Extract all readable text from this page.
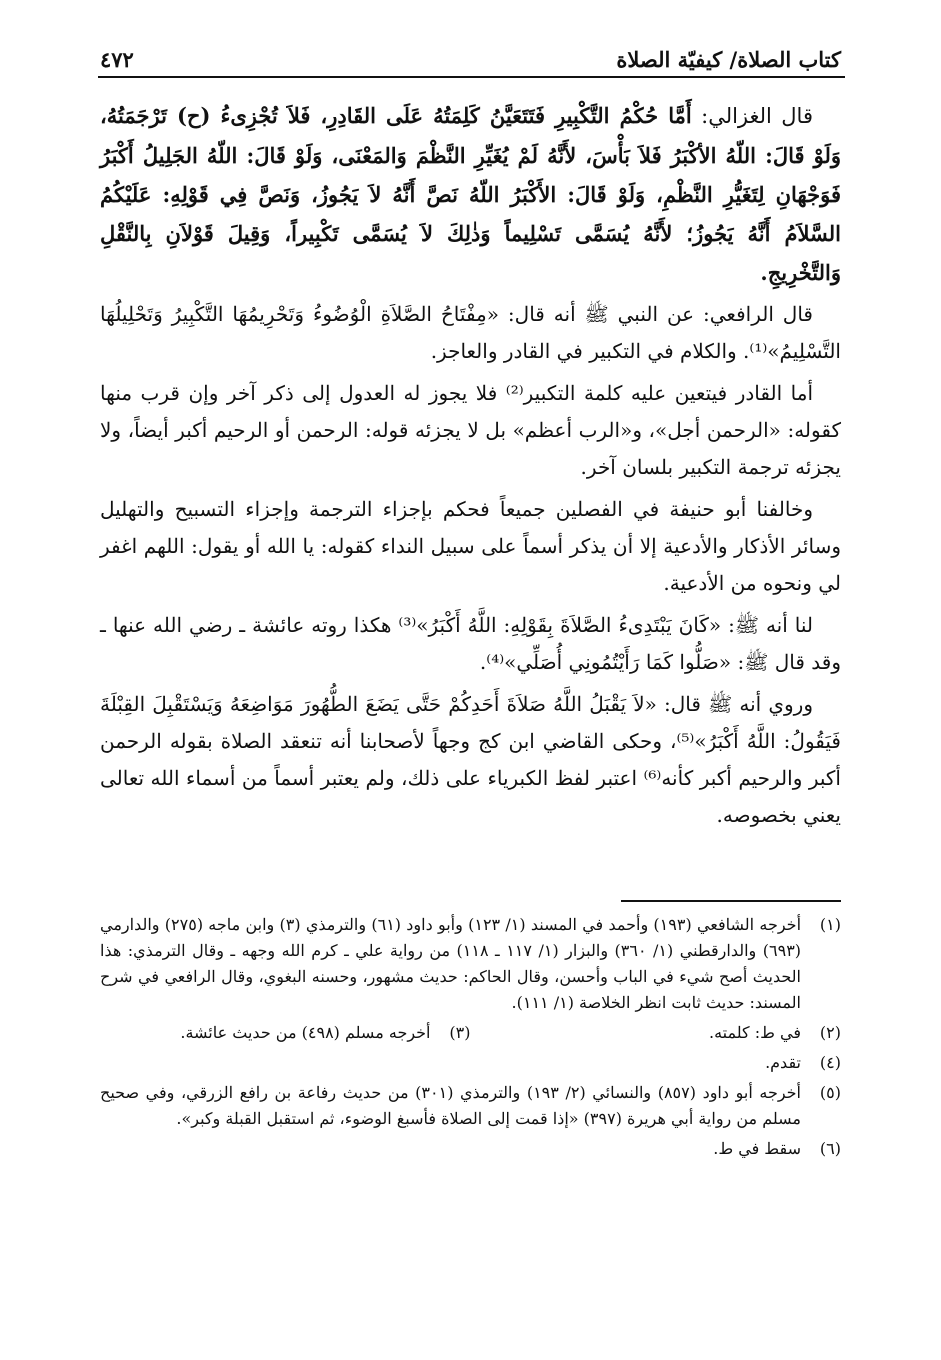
كتاب الصلاة/ كيفيّة الصلاة
٤٧٢

قال الغزالي: أَمَّا حُكْمُ التَّكْبِيرِ فَتَتَعَيَّنُ كَلِمَتُهُ عَلَى القَادِرِ، فَلاَ تُجْزِىءُ (ح) تَرْجَمَتُهُ، وَلَوْ قَالَ: اللّهُ الأكْبَرُ فَلاَ بَأْسَ، لأَنَّهُ لَمْ يُغَيِّرِ النَّظْمَ وَالمَعْنَى، وَلَوْ قَالَ: اللّهُ الجَلِيلُ أَكْبَرُ فَوَجْهَانِ لِتَغَيُّرِ النَّظْمِ، وَلَوْ قَالَ: الأَكْبَرُ اللّهُ نَصَّ أَنَّهُ لاَ يَجُوزُ، وَنَصَّ فِي قَوْلِهِ: عَلَيْكُمُ السَّلاَمُ أَنَّهُ يَجُوزُ؛ لأَنَّهُ يُسَمَّى تَسْلِيماً وَذٰلِكَ لاَ يُسَمَّى تَكْبِيراً، وَقِيلَ قَوْلاَنِ بِالنَّقْلِ وَالتَّخْرِيجِ.

قال الرافعي: عن النبي ﷺ أنه قال: «مِفْتَاحُ الصَّلاَةِ الْوُضُوءُ وَتَحْرِيمُهَا التَّكْبِيرُ وَتَحْلِيلُهَا التَّسْلِيمُ»⁽¹⁾. والكلام في التكبير في القادر والعاجز.

أما القادر فيتعين عليه كلمة التكبير⁽²⁾ فلا يجوز له العدول إلى ذكر آخر وإن قرب منها كقوله: «الرحمن أجل»، و«الرب أعظم» بل لا يجزئه قوله: الرحمن أو الرحيم أكبر أيضاً، ولا يجزئه ترجمة التكبير بلسان آخر.

وخالفنا أبو حنيفة في الفصلين جميعاً فحكم بإجزاء الترجمة وإجزاء التسبيح والتهليل وسائر الأذكار والأدعية إلا أن يذكر أسماً على سبيل النداء كقوله: يا الله أو يقول: اللهم اغفر لي ونحوه من الأدعية.

لنا أنه ﷺ: «كَانَ يَبْتَدِىءُ الصَّلاَةَ بِقَوْلِهِ: اللَّهُ أَكْبَرُ»⁽³⁾ هكذا روته عائشة ـ رضي الله عنها ـ وقد قال ﷺ: «صَلُّوا كَمَا رَأَيْتُمُونِي أُصَلِّي»⁽⁴⁾.

وروي أنه ﷺ قال: «لاَ يَقْبَلُ اللَّهُ صَلاَةَ أَحَدِكُمْ حَتَّى يَضَعَ الطُّهُورَ مَوَاضِعَهُ وَيَسْتَقْبِلَ القِبْلَةَ فَيَقُولُ: اللَّهُ أَكْبَرُ»⁽⁵⁾، وحكى القاضي ابن كج وجهاً لأصحابنا أنه تنعقد الصلاة بقوله الرحمن أكبر والرحيم أكبر كأنه⁽⁶⁾ اعتبر لفظ الكبرياء على ذلك، ولم يعتبر أسماً من أسماء الله تعالى يعني بخصوصه.

(١)
أخرجه الشافعي (١٩٣) وأحمد في المسند (١/ ١٢٣) وأبو داود (٦١) والترمذي (٣) وابن ماجه (٢٧٥) والدارمي (٦٩٣) والدارقطني (١/ ٣٦٠) والبزار (١/ ١١٧ ـ ١١٨) من رواية علي ـ كرم الله وجهه ـ وقال الترمذي: هذا الحديث أصح شيء في الباب وأحسن، وقال الحاكم: حديث مشهور، وحسنه البغوي، وقال الرافعي في شرح المسند: حديث ثابت انظر الخلاصة (١/ ١١١).
(٢)
في ط: كلمته.
(٣)
أخرجه مسلم (٤٩٨) من حديث عائشة.
(٤)
تقدم.
(٥)
أخرجه أبو داود (٨٥٧) والنسائي (٢/ ١٩٣) والترمذي (٣٠١) من حديث رفاعة بن رافع الزرقي، وفي صحيح مسلم من رواية أبي هريرة (٣٩٧) «إذا قمت إلى الصلاة فأسبغ الوضوء، ثم استقبل القبلة وكبر».
(٦)
سقط في ط.
